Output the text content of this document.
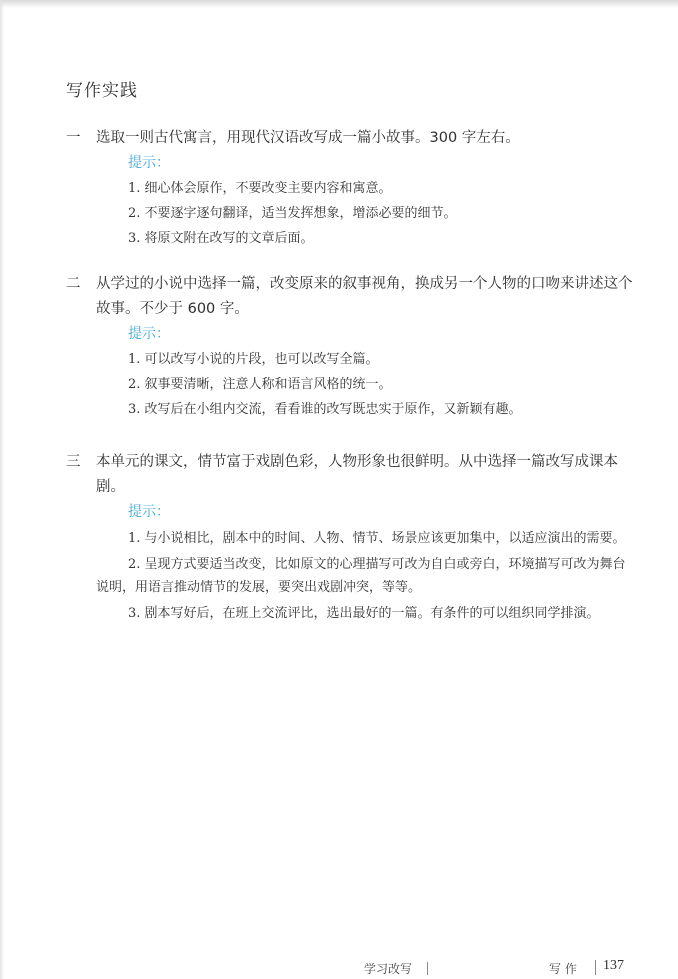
写作实践
一	选取一则古代寓言，用现代汉语改写成一篇小故事。300 字左右。
提示：
1. 细心体会原作，不要改变主要内容和寓意。
2. 不要逐字逐句翻译，适当发挥想象，增添必要的细节。
3. 将原文附在改写的文章后面。
二	从学过的小说中选择一篇，改变原来的叙事视角，换成另一个人物的口吻来讲述这个故事。不少于 600 字。
提示：
1. 可以改写小说的片段，也可以改写全篇。
2. 叙事要清晰，注意人称和语言风格的统一。
3. 改写后在小组内交流，看看谁的改写既忠实于原作，又新颖有趣。
三	本单元的课文，情节富于戏剧色彩，人物形象也很鲜明。从中选择一篇改写成课本剧。
提示：

1. 与小说相比，剧本中的时间、人物、情节、场景应该更加集中，以适应演出的需要。

2. 呈现方式要适当改变，比如原文的心理描写可改为自白或旁白，环境描写可改为舞台说明，用语言推动情节的发展，要突出戏剧冲突，等等。

3. 剧本写好后，在班上交流评比，选出最好的一篇。有条件的可以组织同学排演。

学习改写	写 作 137
